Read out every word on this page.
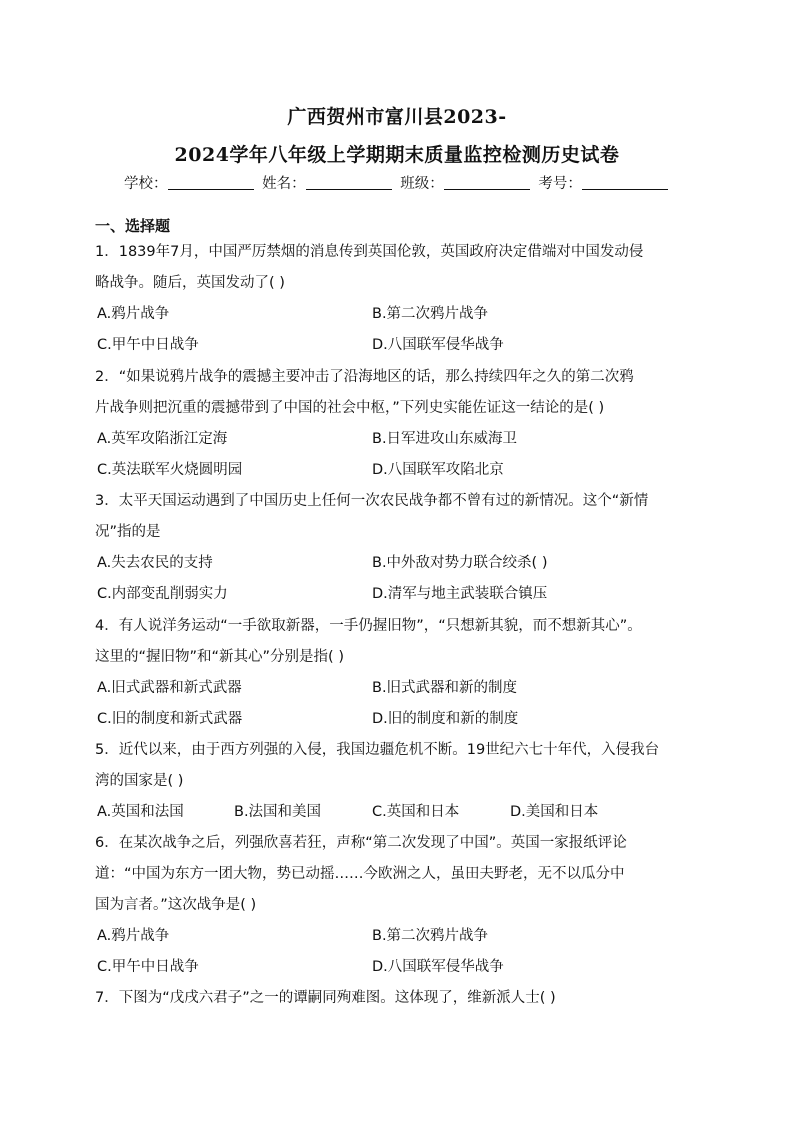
广西贺州市富川县2023-
2024学年八年级上学期期末质量监控检测历史试卷
学校：	姓名：	班级：	考号：
一、选择题
1．1839年7月，中国严厉禁烟的消息传到英国伦敦，英国政府决定借端对中国发动侵
略战争。随后，英国发动了( )
A.鸦片战争	B.第二次鸦片战争
C.甲午中日战争	D.八国联军侵华战争
2．“如果说鸦片战争的震撼主要冲击了沿海地区的话，那么持续四年之久的第二次鸦
片战争则把沉重的震撼带到了中国的社会中枢，”下列史实能佐证这一结论的是( )
A.英军攻陷浙江定海	B.日军进攻山东威海卫
C.英法联军火烧圆明园	D.八国联军攻陷北京
3．太平天国运动遇到了中国历史上任何一次农民战争都不曾有过的新情况。这个“新情
况”指的是
A.失去农民的支持	B.中外敌对势力联合绞杀( )
C.内部变乱削弱实力	D.清军与地主武装联合镇压
4．有人说洋务运动“一手欲取新器，一手仍握旧物”，“只想新其貌，而不想新其心”。
这里的“握旧物”和“新其心”分别是指( )
A.旧式武器和新式武器	B.旧式武器和新的制度
C.旧的制度和新式武器	D.旧的制度和新的制度
5．近代以来，由于西方列强的入侵，我国边疆危机不断。19世纪六七十年代，入侵我台
湾的国家是( )
A.英国和法国	B.法国和美国	C.英国和日本	D.美国和日本
6．在某次战争之后，列强欣喜若狂，声称“第二次发现了中国”。英国一家报纸评论
道：“中国为东方一团大物，势已动摇……今欧洲之人，虽田夫野老，无不以瓜分中
国为言者。”这次战争是( )
A.鸦片战争	B.第二次鸦片战争
C.甲午中日战争	D.八国联军侵华战争
7．下图为“戊戌六君子”之一的谭嗣同殉难图。这体现了，维新派人士( )
